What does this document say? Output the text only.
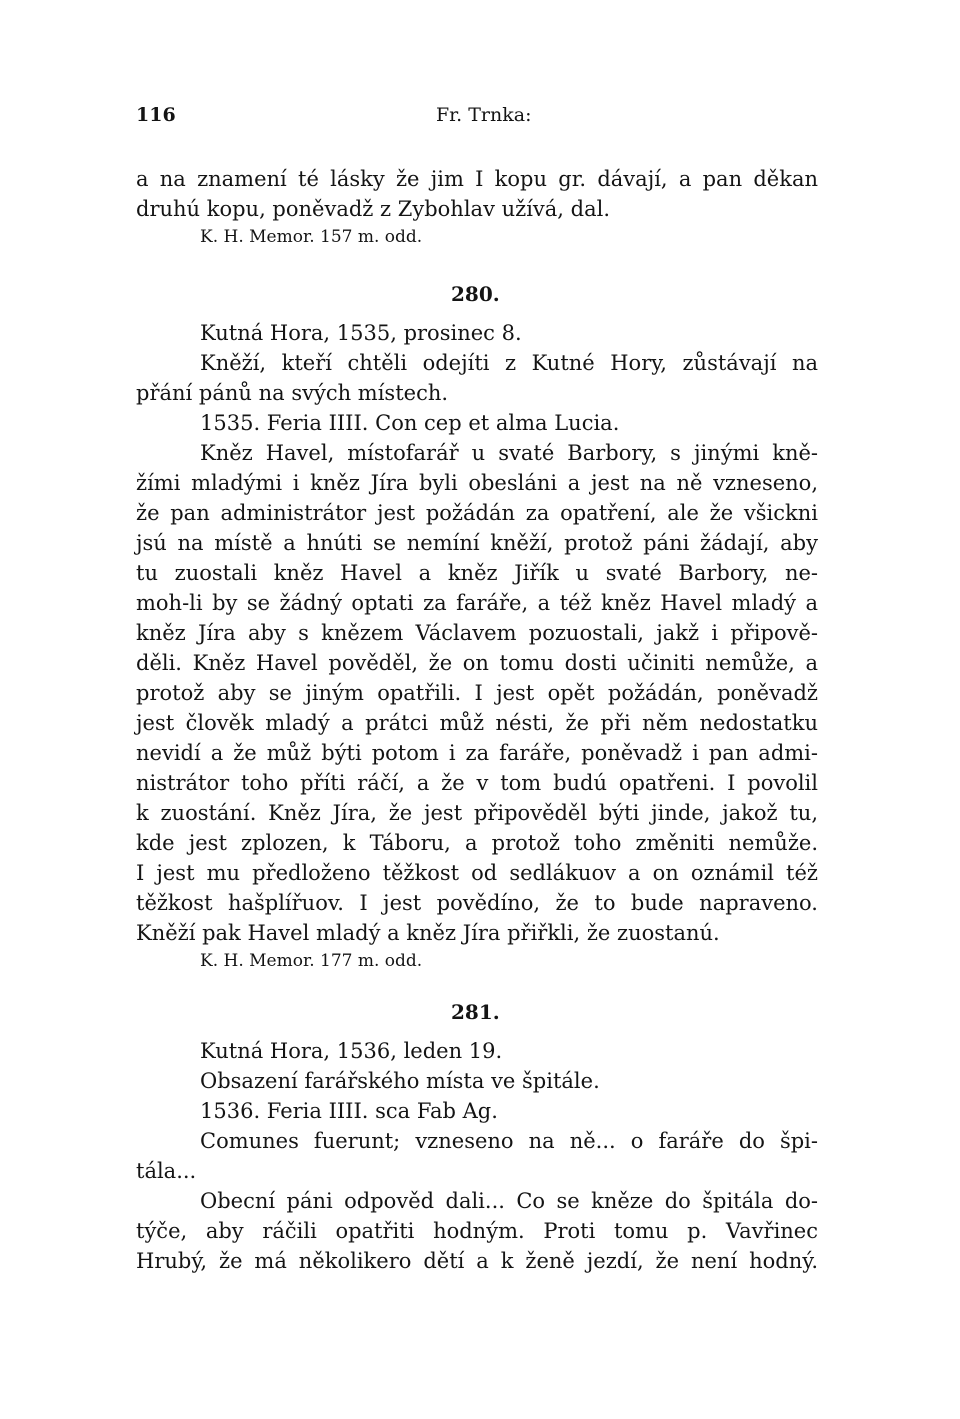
116	Fr. Trnka:
a na znamení té lásky že jim I kopu gr. dávají, a pan děkan
druhú kopu, poněvadž z Zybohlav užívá, dal.
K. H. Memor. 157 m. odd.
280.
Kutná Hora, 1535, prosinec 8.
Kněží, kteří chtěli odejíti z Kutné Hory, zůstávají na
přání pánů na svých místech.
1535. Feria IIII. Con cep et alma Lucia.
Kněz Havel, místofarář u svaté Barbory, s jinými kně-
žími mladými i kněz Jíra byli obesláni a jest na ně vzneseno,
že pan administrátor jest požádán za opatření, ale že všickni
jsú na místě a hnúti se nemíní kněží, protož páni žádají, aby
tu zuostali kněz Havel a kněz Jiřík u svaté Barbory, ne-
moh-li by se žádný optati za faráře, a též kněz Havel mladý a
kněz Jíra aby s knězem Václavem pozuostali, jakž i připově-
děli. Kněz Havel pověděl, že on tomu dosti učiniti nemůže, a
protož aby se jiným opatřili. I jest opět požádán, poněvadž
jest člověk mladý a prátci můž nésti, že při něm nedostatku
nevidí a že můž býti potom i za faráře, poněvadž i pan admi-
nistrátor toho příti ráčí, a že v tom budú opatřeni. I povolil
k zuostání. Kněz Jíra, že jest připověděl býti jinde, jakož tu,
kde jest zplozen, k Táboru, a protož toho změniti nemůže.
I jest mu předloženo těžkost od sedlákuov a on oznámil též
těžkost hašplířuov. I jest povědíno, že to bude napraveno.
Kněží pak Havel mladý a kněz Jíra přiřkli, že zuostanú.
K. H. Memor. 177 m. odd.
281.
Kutná Hora, 1536, leden 19.
Obsazení farářského místa ve špitále.
1536. Feria IIII. sca Fab Ag.
Comunes fuerunt; vzneseno na ně... o faráře do špi-
tála...
Obecní páni odpověd dali... Co se kněze do špitála do-
týče, aby ráčili opatřiti hodným. Proti tomu p. Vavřinec
Hrubý, že má několikero dětí a k ženě jezdí, že není hodný.
